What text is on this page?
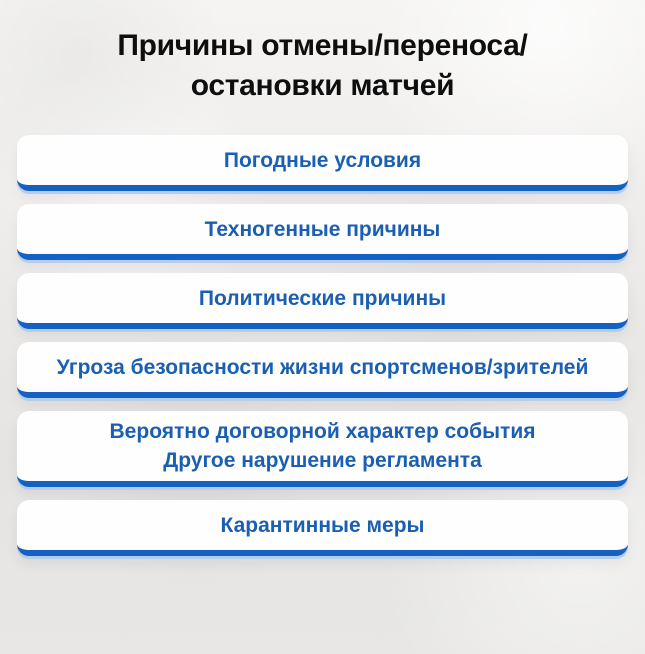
Причины отмены/переноса/
остановки матчей
Погодные условия
Техногенные причины
Политические причины
Угроза безопасности жизни спортсменов/зрителей
Вероятно договорной характер события
Другое нарушение регламента
Карантинные меры
